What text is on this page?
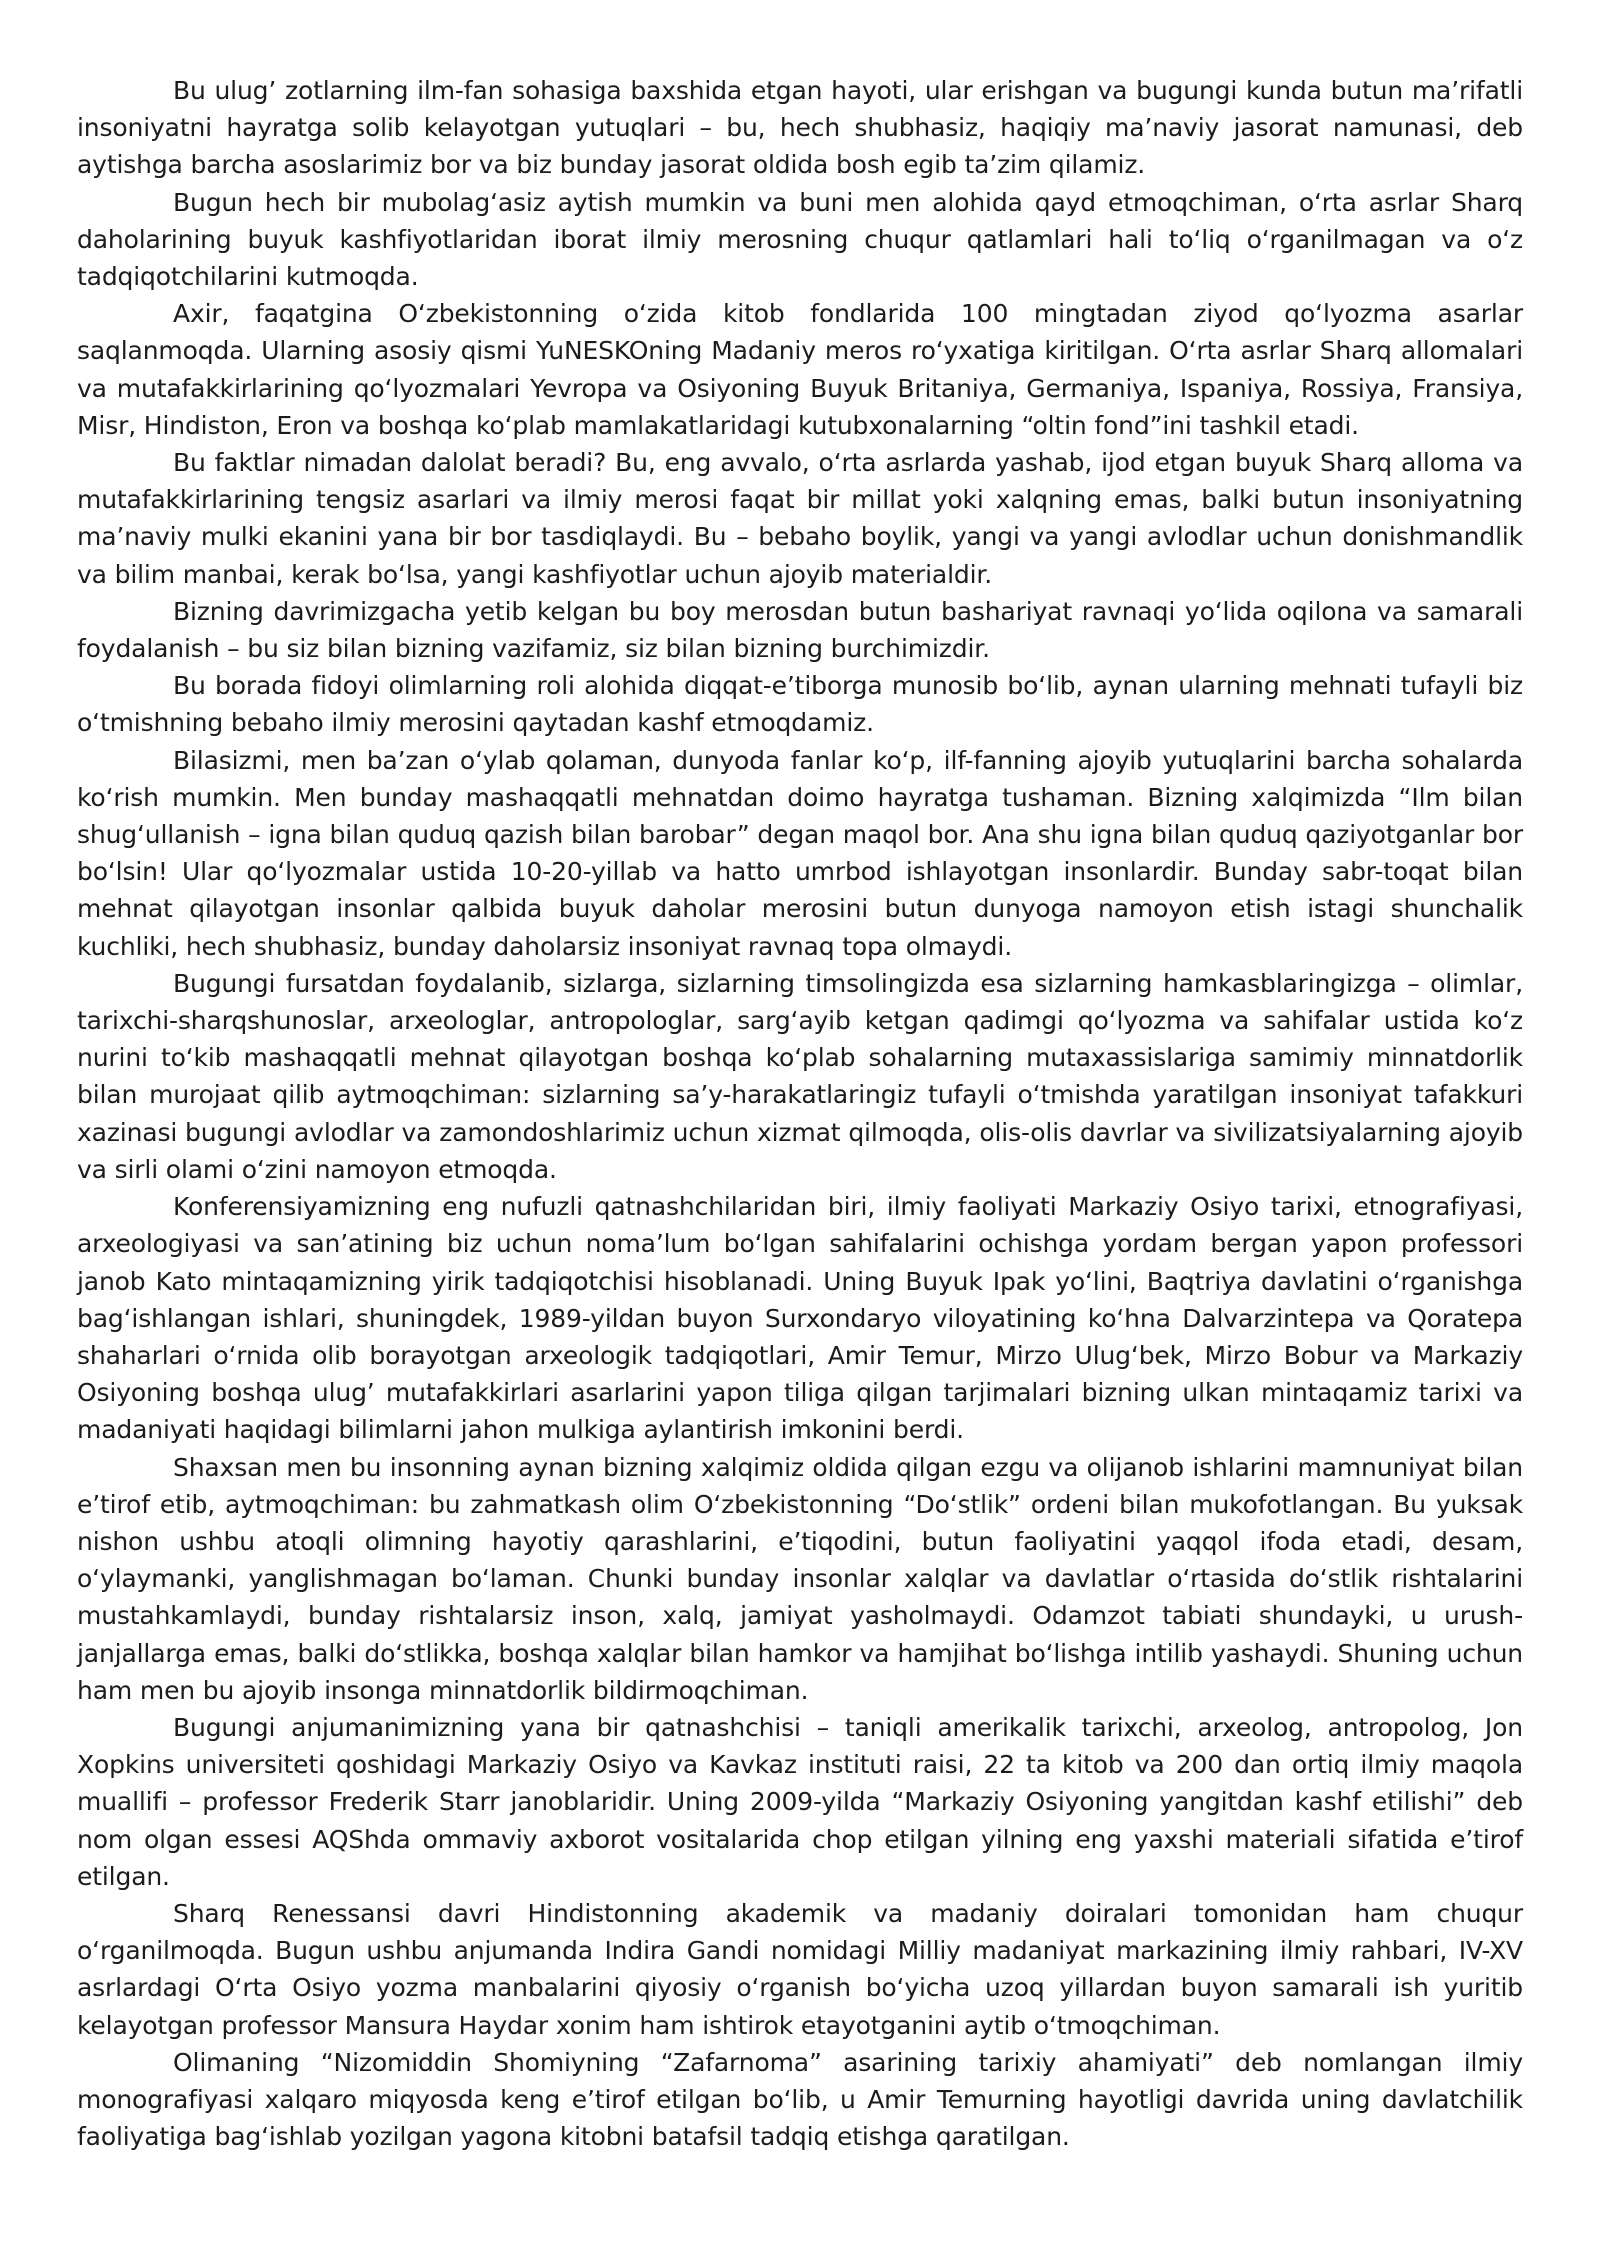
Bu ulug’ zotlarning ilm-fan sohasiga baxshida etgan hayoti, ular erishgan va bugungi kunda butun ma’rifatli insoniyatni hayratga solib kelayotgan yutuqlari – bu, hech shubhasiz, haqiqiy ma’naviy jasorat namunasi, deb aytishga barcha asoslarimiz bor va biz bunday jasorat oldida bosh egib ta’zim qilamiz.

Bugun hech bir mubolag‘asiz aytish mumkin va buni men alohida qayd etmoqchiman, o‘rta asrlar Sharq daholarining buyuk kashfiyotlaridan iborat ilmiy merosning chuqur qatlamlari hali to‘liq o‘rganilmagan va o‘z tadqiqotchilarini kutmoqda.

Axir, faqatgina O‘zbekistonning o‘zida kitob fondlarida 100 mingtadan ziyod qo‘lyozma asarlar saqlanmoqda. Ularning asosiy qismi YuNESKOning Madaniy meros ro‘yxatiga kiritilgan. O‘rta asrlar Sharq allomalari va mutafakkirlarining qo‘lyozmalari Yevropa va Osiyoning Buyuk Britaniya, Germaniya, Ispaniya, Rossiya, Fransiya, Misr, Hindiston, Eron va boshqa ko‘plab mamlakatlaridagi kutubxonalarning “oltin fond”ini tashkil etadi.

Bu faktlar nimadan dalolat beradi? Bu, eng avvalo, o‘rta asrlarda yashab, ijod etgan buyuk Sharq alloma va mutafakkirlarining tengsiz asarlari va ilmiy merosi faqat bir millat yoki xalqning emas, balki butun insoniyatning ma’naviy mulki ekanini yana bir bor tasdiqlaydi. Bu – bebaho boylik, yangi va yangi avlodlar uchun donishmandlik va bilim manbai, kerak bo‘lsa, yangi kashfiyotlar uchun ajoyib materialdir.

Bizning davrimizgacha yetib kelgan bu boy merosdan butun bashariyat ravnaqi yo‘lida oqilona va samarali foydalanish – bu siz bilan bizning vazifamiz, siz bilan bizning burchimizdir.

Bu borada fidoyi olimlarning roli alohida diqqat-e’tiborga munosib bo‘lib, aynan ularning mehnati tufayli biz o‘tmishning bebaho ilmiy merosini qaytadan kashf etmoqdamiz.

Bilasizmi, men ba’zan o‘ylab qolaman, dunyoda fanlar ko‘p, ilf-fanning ajoyib yutuqlarini barcha sohalarda ko‘rish mumkin. Men bunday mashaqqatli mehnatdan doimo hayratga tushaman. Bizning xalqimizda “Ilm bilan shug‘ullanish – igna bilan quduq qazish bilan barobar” degan maqol bor. Ana shu igna bilan quduq qaziyotganlar bor bo‘lsin! Ular qo‘lyozmalar ustida 10-20-yillab va hatto umrbod ishlayotgan insonlardir. Bunday sabr-toqat bilan mehnat qilayotgan insonlar qalbida buyuk daholar merosini butun dunyoga namoyon etish istagi shunchalik kuchliki, hech shubhasiz, bunday daholarsiz insoniyat ravnaq topa olmaydi.

Bugungi fursatdan foydalanib, sizlarga, sizlarning timsolingizda esa sizlarning hamkasblaringizga – olimlar, tarixchi-sharqshunoslar, arxeologlar, antropologlar, sarg‘ayib ketgan qadimgi qo‘lyozma va sahifalar ustida ko‘z nurini to‘kib mashaqqatli mehnat qilayotgan boshqa ko‘plab sohalarning mutaxassislariga samimiy minnatdorlik bilan murojaat qilib aytmoqchiman: sizlarning sa’y-harakatlaringiz tufayli o‘tmishda yaratilgan insoniyat tafakkuri xazinasi bugungi avlodlar va zamondoshlarimiz uchun xizmat qilmoqda, olis-olis davrlar va sivilizatsiyalarning ajoyib va sirli olami o‘zini namoyon etmoqda.

Konferensiyamizning eng nufuzli qatnashchilaridan biri, ilmiy faoliyati Markaziy Osiyo tarixi, etnografiyasi, arxeologiyasi va san’atining biz uchun noma’lum bo‘lgan sahifalarini ochishga yordam bergan yapon professori janob Kato mintaqamizning yirik tadqiqotchisi hisoblanadi. Uning Buyuk Ipak yo‘lini, Baqtriya davlatini o‘rganishga bag‘ishlangan ishlari, shuningdek, 1989-yildan buyon Surxondaryo viloyatining ko‘hna Dalvarzintepa va Qoratepa shaharlari o‘rnida olib borayotgan arxeologik tadqiqotlari, Amir Temur, Mirzo Ulug‘bek, Mirzo Bobur va Markaziy Osiyoning boshqa ulug’ mutafakkirlari asarlarini yapon tiliga qilgan tarjimalari bizning ulkan mintaqamiz tarixi va madaniyati haqidagi bilimlarni jahon mulkiga aylantirish imkonini berdi.

Shaxsan men bu insonning aynan bizning xalqimiz oldida qilgan ezgu va olijanob ishlarini mamnuniyat bilan e’tirof etib, aytmoqchiman: bu zahmatkash olim O‘zbekistonning “Do‘stlik” ordeni bilan mukofotlangan. Bu yuksak nishon ushbu atoqli olimning hayotiy qarashlarini, e’tiqodini, butun faoliyatini yaqqol ifoda etadi, desam, o‘ylaymanki, yanglishmagan bo‘laman. Chunki bunday insonlar xalqlar va davlatlar o‘rtasida do‘stlik rishtalarini mustahkamlaydi, bunday rishtalarsiz inson, xalq, jamiyat yasholmaydi. Odamzot tabiati shundayki, u urush-janjallarga emas, balki do‘stlikka, boshqa xalqlar bilan hamkor va hamjihat bo‘lishga intilib yashaydi. Shuning uchun ham men bu ajoyib insonga minnatdorlik bildirmoqchiman.

Bugungi anjumanimizning yana bir qatnashchisi – taniqli amerikalik tarixchi, arxeolog, antropolog, Jon Xopkins universiteti qoshidagi Markaziy Osiyo va Kavkaz instituti raisi, 22 ta kitob va 200 dan ortiq ilmiy maqola muallifi – professor Frederik Starr janoblaridir. Uning 2009-yilda “Markaziy Osiyoning yangitdan kashf etilishi” deb nom olgan essesi AQShda ommaviy axborot vositalarida chop etilgan yilning eng yaxshi materiali sifatida e’tirof etilgan.

Sharq Renessansi davri Hindistonning akademik va madaniy doiralari tomonidan ham chuqur o‘rganilmoqda. Bugun ushbu anjumanda Indira Gandi nomidagi Milliy madaniyat markazining ilmiy rahbari, IV-XV asrlardagi O‘rta Osiyo yozma manbalarini qiyosiy o‘rganish bo‘yicha uzoq yillardan buyon samarali ish yuritib kelayotgan professor Mansura Haydar xonim ham ishtirok etayotganini aytib o‘tmoqchiman.

Olimaning “Nizomiddin Shomiyning “Zafarnoma” asarining tarixiy ahamiyati” deb nomlangan ilmiy monografiyasi xalqaro miqyosda keng e’tirof etilgan bo‘lib, u Amir Temurning hayotligi davrida uning davlatchilik faoliyatiga bag‘ishlab yozilgan yagona kitobni batafsil tadqiq etishga qaratilgan.
